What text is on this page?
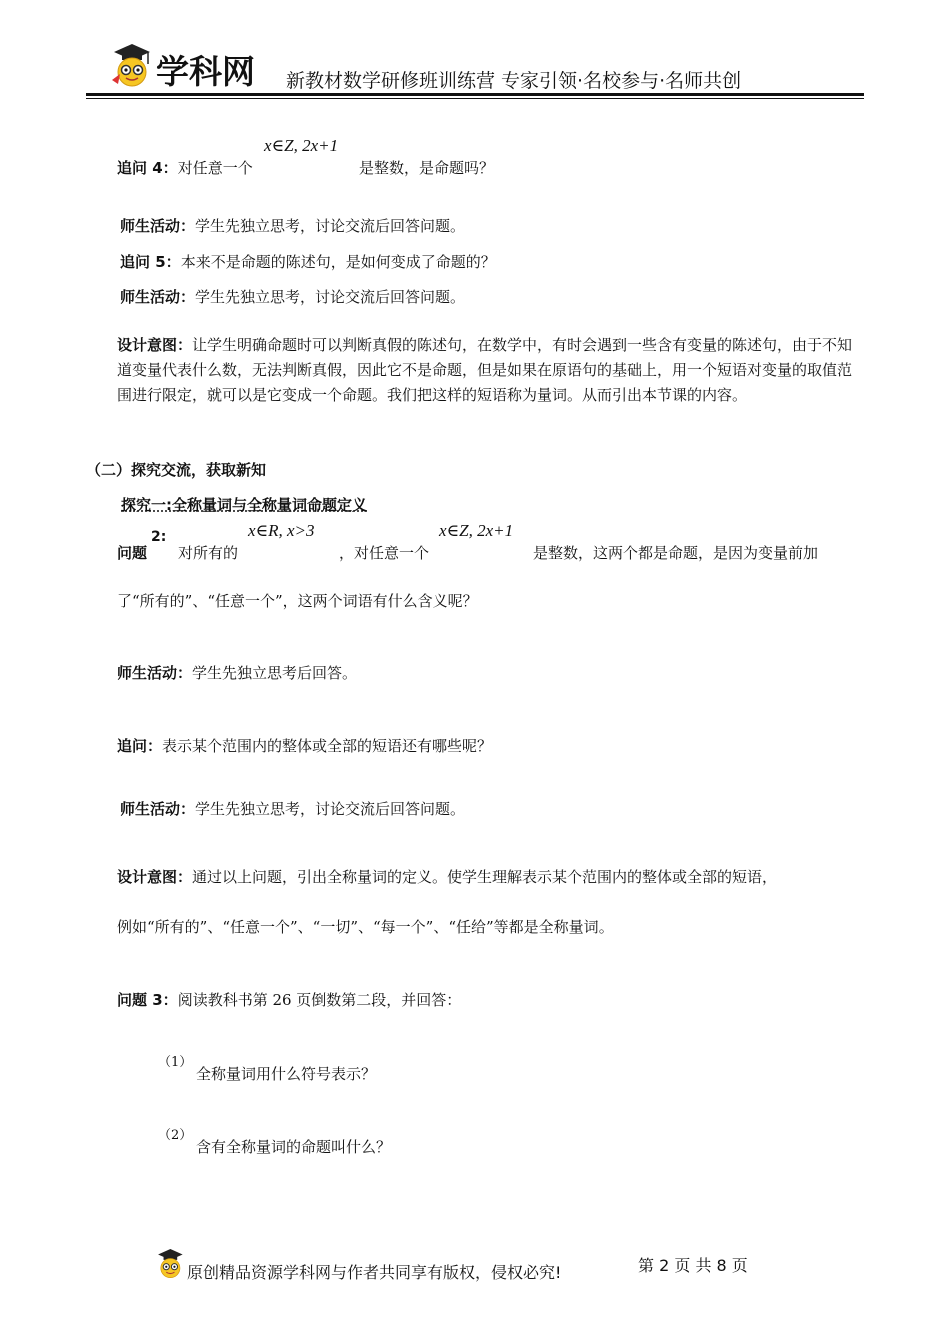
学科网 新教材数学研修班训练营 专家引领·名校参与·名师共创
x∈Z, 2x+1
追问 4：对任意一个	是整数，是命题吗？
师生活动：学生先独立思考，讨论交流后回答问题。
追问 5：本来不是命题的陈述句，是如何变成了命题的？
师生活动：学生先独立思考，讨论交流后回答问题。
设计意图：让学生明确命题时可以判断真假的陈述句，在数学中，有时会遇到一些含有变量的陈述句，由于不知道变量代表什么数，无法判断真假，因此它不是命题，但是如果在原语句的基础上，用一个短语对变量的取值范围进行限定，就可以是它变成一个命题。我们把这样的短语称为量词。从而引出本节课的内容。
（二）探究交流，获取新知
探究一:全称量词与全称量词命题定义
x∈R, x>3	x∈Z, 2x+1
问题
2:
对所有的	，对任意一个	是整数，这两个都是命题，是因为变量前加
了“所有的”、“任意一个”，这两个词语有什么含义呢？
师生活动：学生先独立思考后回答。
追问：表示某个范围内的整体或全部的短语还有哪些呢？
师生活动：学生先独立思考，讨论交流后回答问题。
设计意图：通过以上问题，引出全称量词的定义。使学生理解表示某个范围内的整体或全部的短语，
例如“所有的”、“任意一个”、“一切”、“每一个”、“任给”等都是全称量词。
问题 3：阅读教科书第 26 页倒数第二段，并回答：
（1）
全称量词用什么符号表示？
（2）
含有全称量词的命题叫什么？
原创精品资源学科网与作者共同享有版权，侵权必究!	第 2 页 共 8 页
